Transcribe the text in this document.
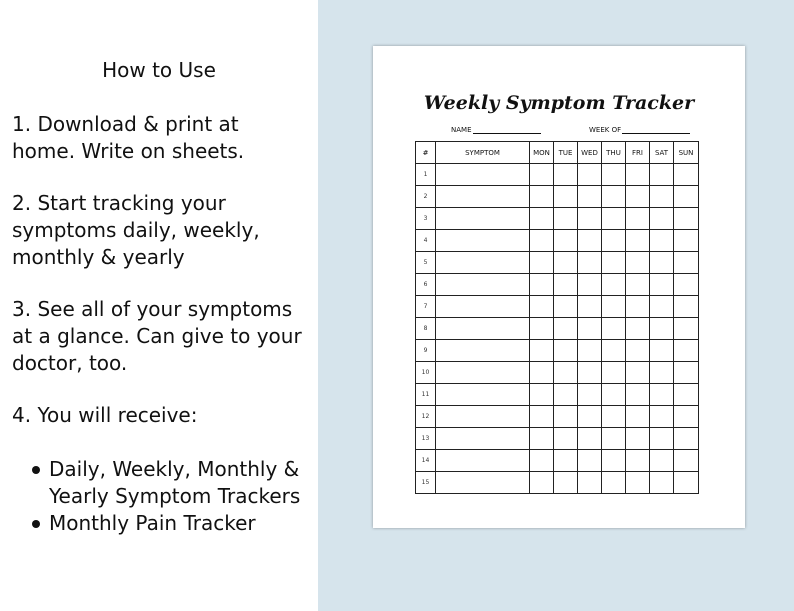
How to Use

1. Download & print at home. Write on sheets.

2. Start tracking your symptoms daily, weekly, monthly & yearly

3. See all of your symptoms at a glance. Can give to your doctor, too.

4. You will receive:

Daily, Weekly, Monthly & Yearly Symptom Trackers
Monthly Pain Tracker

Weekly Symptom Tracker

NAME	WEEK OF
#	SYMPTOM	MON	TUE	WED	THU	FRI	SAT	SUN
1								
2								
3								
4								
5								
6								
7								
8								
9								
10								
11								
12								
13								
14								
15								
